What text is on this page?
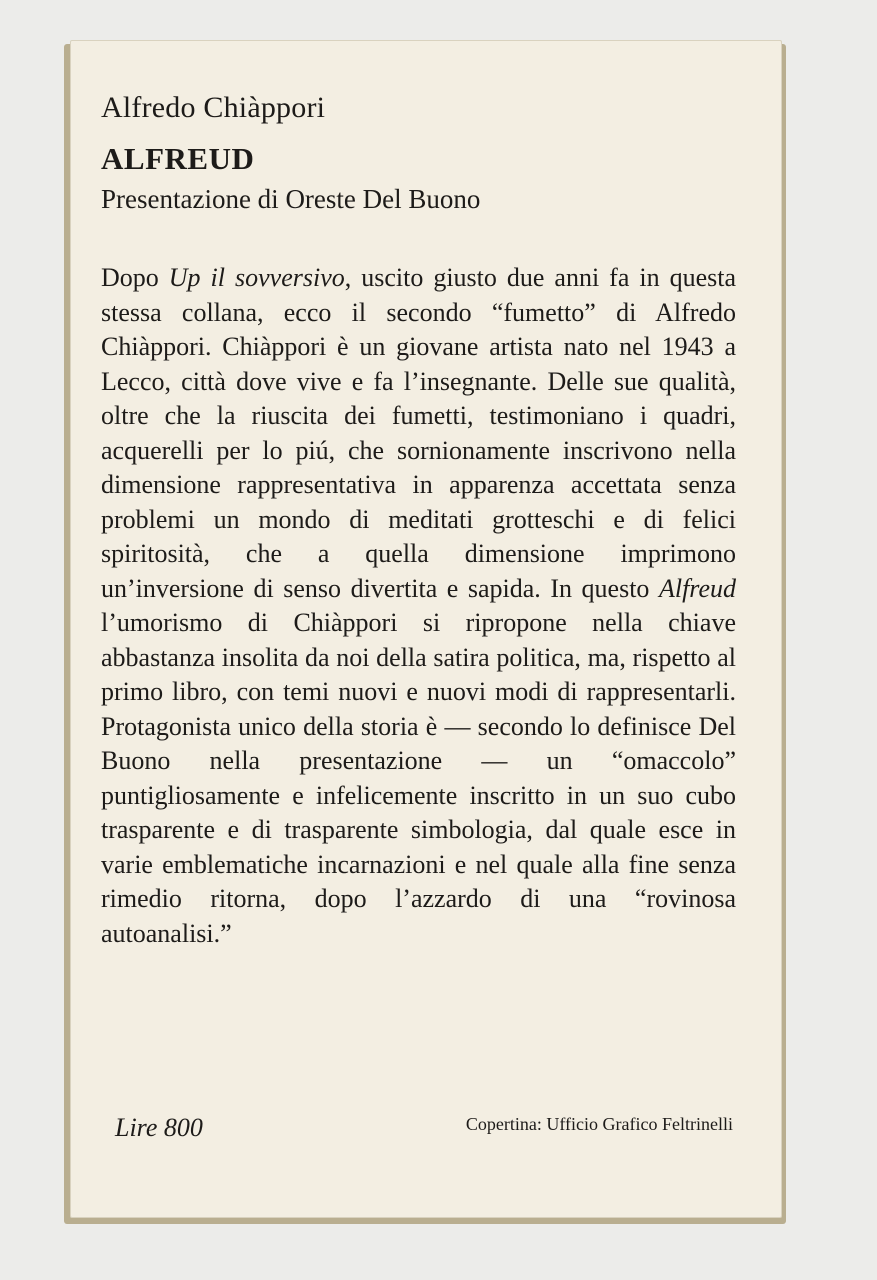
Alfredo Chiàppori
ALFREUD

Presentazione di Oreste Del Buono

Dopo Up il sovversivo, uscito giusto due anni fa in questa stessa collana, ecco il secondo “fumetto” di Alfredo Chiàppori. Chiàppori è un giovane artista nato nel 1943 a Lecco, città dove vive e fa l’insegnante. Delle sue qualità, oltre che la riuscita dei fumetti, testimoniano i quadri, acquerelli per lo piú, che sornionamente inscrivono nella dimensione rappresentativa in apparenza accettata senza problemi un mondo di meditati grotteschi e di felici spiritosità, che a quella dimensione imprimono un’inversione di senso divertita e sapida. In questo Alfreud l’umorismo di Chiàppori si ripropone nella chiave abbastanza insolita da noi della satira politica, ma, rispetto al primo libro, con temi nuovi e nuovi modi di rappresentarli. Protagonista unico della storia è — secondo lo definisce Del Buono nella presentazione — un “omaccolo” puntigliosamente e infelicemente inscritto in un suo cubo trasparente e di trasparente simbologia, dal quale esce in varie emblematiche incarnazioni e nel quale alla fine senza rimedio ritorna, dopo l’azzardo di una “rovinosa autoanalisi.”

Lire 800	Copertina: Ufficio Grafico Feltrinelli
